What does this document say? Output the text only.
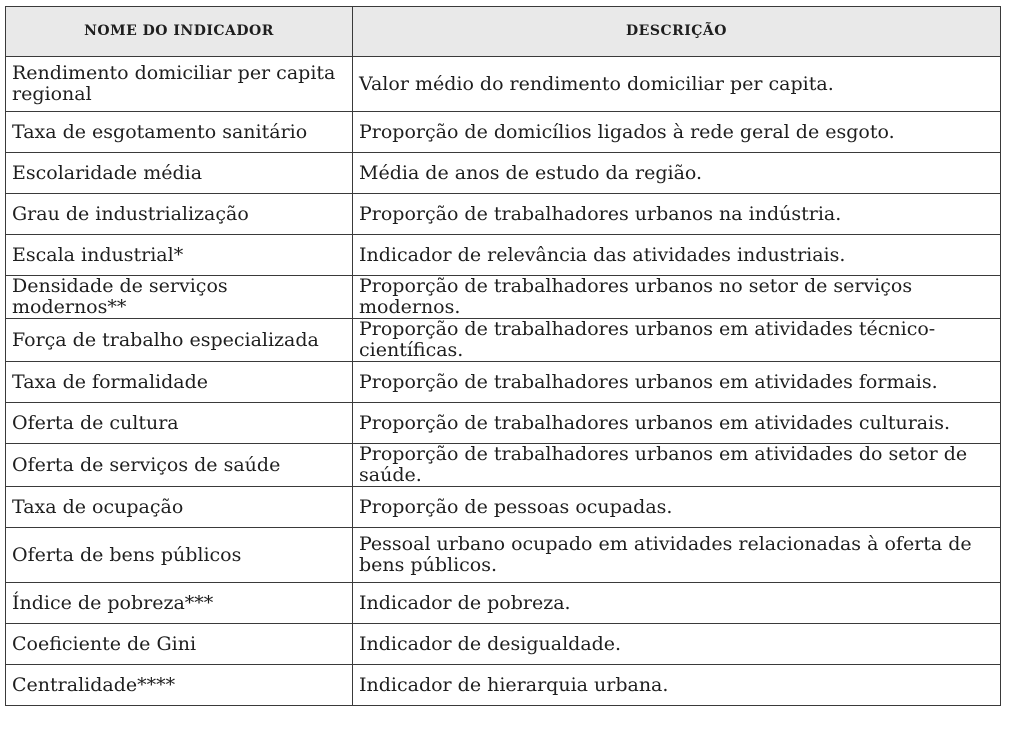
NOME DO INDICADOR	DESCRIÇÃO
Rendimento domiciliar per capita regional	Valor médio do rendimento domiciliar per capita.
Taxa de esgotamento sanitário	Proporção de domicílios ligados à rede geral de esgoto.
Escolaridade média	Média de anos de estudo da região.
Grau de industrialização	Proporção de trabalhadores urbanos na indústria.
Escala industrial*	Indicador de relevância das atividades industriais.
Densidade de serviços modernos**	Proporção de trabalhadores urbanos no setor de serviços modernos.
Força de trabalho especializada	Proporção de trabalhadores urbanos em atividades técnico-científicas.
Taxa de formalidade	Proporção de trabalhadores urbanos em atividades formais.
Oferta de cultura	Proporção de trabalhadores urbanos em atividades culturais.
Oferta de serviços de saúde	Proporção de trabalhadores urbanos em atividades do setor de saúde.
Taxa de ocupação	Proporção de pessoas ocupadas.
Oferta de bens públicos	Pessoal urbano ocupado em atividades relacionadas à oferta de bens públicos.
Índice de pobreza***	Indicador de pobreza.
Coeficiente de Gini	Indicador de desigualdade.
Centralidade****	Indicador de hierarquia urbana.
